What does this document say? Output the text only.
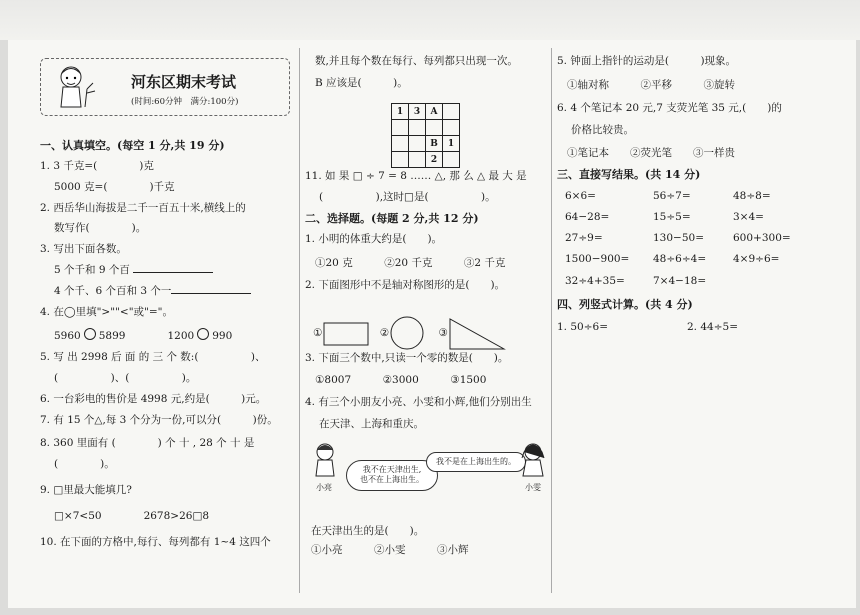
河东区期末考试
(时间:60分钟　满分:100分)
一、认真填空。(每空 1 分,共 19 分)
1. 3 千克=(　　　　)克
5000 克=(　　　　)千克
2. 西岳华山海拔是二千一百五十米,横线上的
数写作(　　　　)。
3. 写出下面各数。
5 个千和 9 个百
4 个千、6 个百和 3 个一
4. 在◯里填">""<"或"="。
5960 5899　　　　	1200 990
5. 写 出 2998 后 面 的 三 个 数:(　　　　　)、
(　　　　　)、(　　　　　)。
6. 一台彩电的售价是 4998 元,约是(　　　)元。
7. 有 15 个△,每 3 个分为一份,可以分(　　　)份。
8. 360 里面有 (　　　　) 个 十 , 28 个 十 是
(　　　　)。
9. □里最大能填几?
□×7<50　　　　	2678>26□8
10. 在下面的方格中,每行、每列都有 1~4 这四个
数,并且每个数在每行、每列都只出现一次。
B 应该是(　　　)。
11. 如 果 □ ÷ 7 = 8 …… △, 那 么 △ 最 大 是
(　　　　　),这时□是(　　　　　)。
二、选择题。(每题 2 分,共 12 分)
1. 小明的体重大约是(　　)。
①20 克　　　	②20 千克　　　	③2 千克
2. 下面图形中不是轴对称图形的是(　　)。
①	②	③
3. 下面三个数中,只读一个零的数是(　　)。
①8007　　　	②3000　　　	③1500
4. 有三个小朋友小亮、小雯和小辉,他们分别出生
在天津、上海和重庆。
在天津出生的是(　　)。
①小亮　　　	②小雯　　　	③小辉
1	3	A	

		B	1
		2	
小亮
我不在天津出生,
也不在上海出生。
我不是在上海出生的。
小雯
5. 钟面上指针的运动是(　　　)现象。
①轴对称　　　	②平移　　　	③旋转
6. 4 个笔记本 20 元,7 支荧光笔 35 元,(　　)的
价格比较贵。
①笔记本　　 ②荧光笔　　 ③一样贵
三、直接写结果。(共 14 分)
6×6=	56÷7=	48÷8=
64−28=	15÷5=	3×4=
27÷9=	130−50=	600+300=
1500−900= 48÷6÷4=	4×9÷6=
32÷4+35=	7×4−18=
四、列竖式计算。(共 4 分)
1. 50÷6=	2. 44÷5=
